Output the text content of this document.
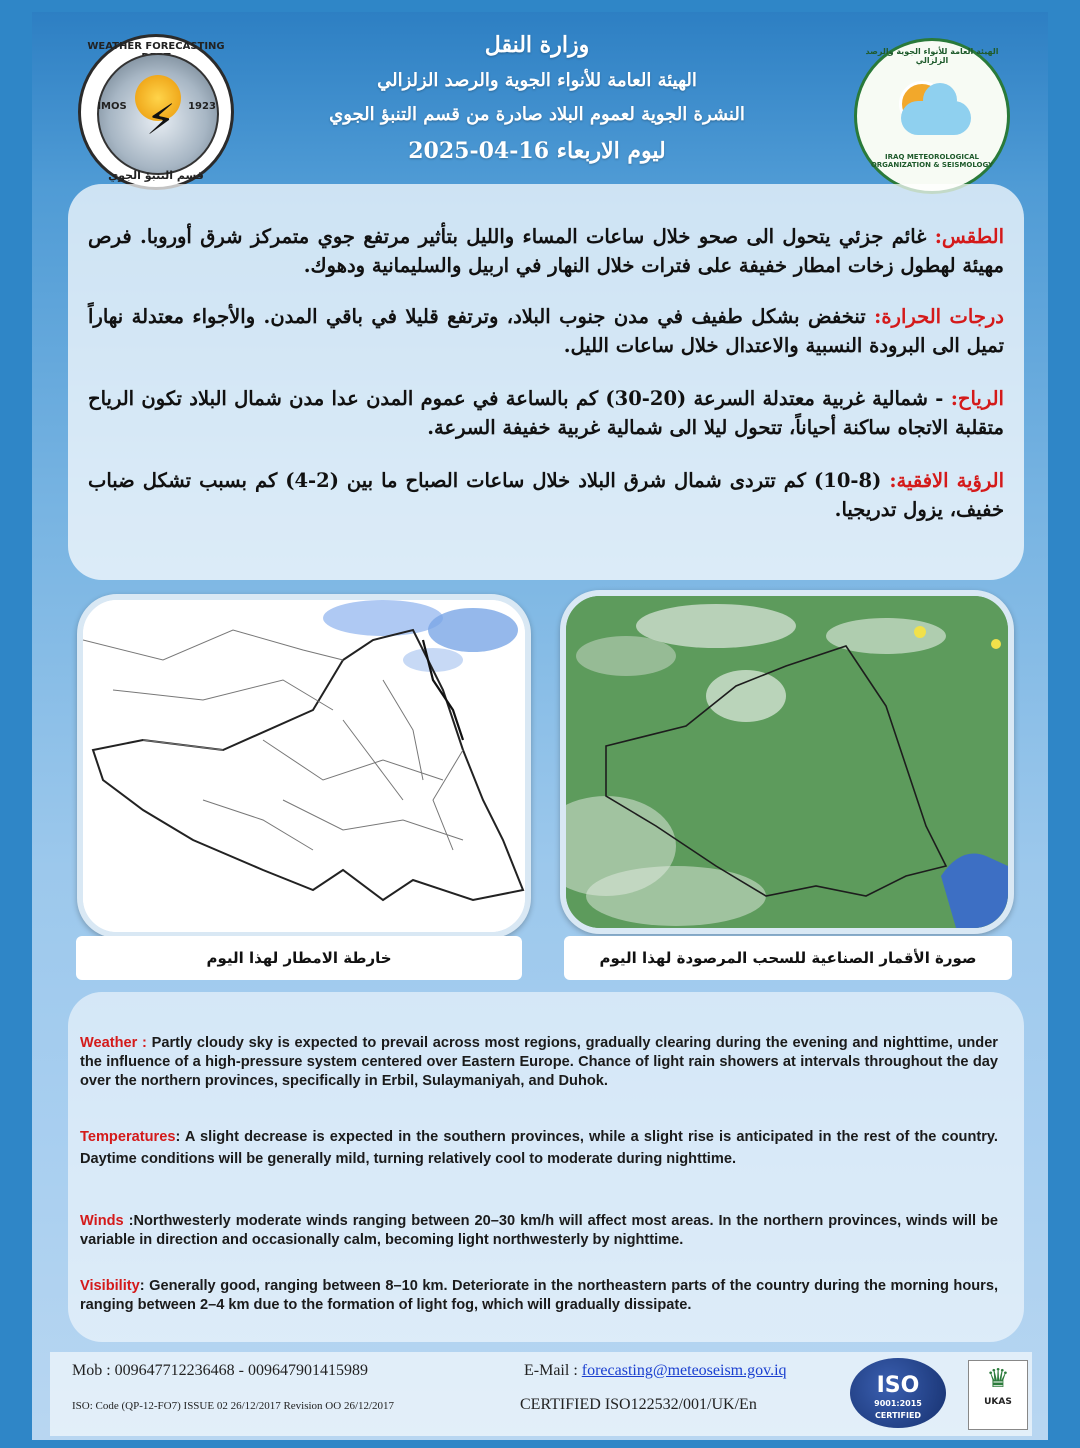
WEATHER FORECASTING
⚡
IMOS	1923
قسم التنبؤ الجوي
الهيئة العامة للأنواء الجوية والرصد الزلزالي
IRAQ METEOROLOGICAL ORGANIZATION & SEISMOLOGY
وزارة النقل
الهيئة العامة للأنواء الجوية والرصد الزلزالي
النشرة الجوية لعموم البلاد صادرة من قسم التنبؤ الجوي
ليوم الاربعاء 16-04-2025
الطقس: غائم جزئي يتحول الى صحو خلال ساعات المساء والليل بتأثير مرتفع جوي متمركز شرق أوروبا. فرص مهيئة لهطول زخات امطار خفيفة على فترات خلال النهار في اربيل والسليمانية ودهوك.
درجات الحرارة: تنخفض بشكل طفيف في مدن جنوب البلاد، وترتفع قليلا في باقي المدن. والأجواء معتدلة نهاراً تميل الى البرودة النسبية والاعتدال خلال ساعات الليل.
الرياح: - شمالية غربية معتدلة السرعة (20-30) كم بالساعة في عموم المدن عدا مدن شمال البلاد تكون الرياح متقلبة الاتجاه ساكنة أحياناً، تتحول ليلا الى شمالية غربية خفيفة السرعة.
الرؤية الافقية: (8-10) كم تتردى شمال شرق البلاد خلال ساعات الصباح ما بين (2-4) كم بسبب تشكل ضباب خفيف، يزول تدريجيا.
خارطة الامطار لهذا اليوم	صورة الأقمار الصناعية للسحب المرصودة لهذا اليوم
Weather : Partly cloudy sky is expected to prevail across most regions, gradually clearing during the evening and nighttime, under the influence of a high-pressure system centered over Eastern Europe. Chance of light rain showers at intervals throughout the day over the northern provinces, specifically in Erbil, Sulaymaniyah, and Duhok.
Temperatures: A slight decrease is expected in the southern provinces, while a slight rise is anticipated in the rest of the country. Daytime conditions will be generally mild, turning relatively cool to moderate during nighttime.
Winds :Northwesterly moderate winds ranging between 20–30 km/h will affect most areas. In the northern provinces, winds will be variable in direction and occasionally calm, becoming light northwesterly by nighttime.
Visibility: Generally good, ranging between 8–10 km. Deteriorate in the northeastern parts of the country during the morning hours, ranging between 2–4 km due to the formation of light fog, which will gradually dissipate.
Mob : 009647712236468 - 009647901415989	E-Mail : forecasting@meteoseism.gov.iq
ISO: Code (QP-12-FO7) ISSUE 02 26/12/2017 Revision OO 26/12/2017	CERTIFIED ISO122532/001/UK/En
ISO
9001:2015 CERTIFIED
♛
UKAS
